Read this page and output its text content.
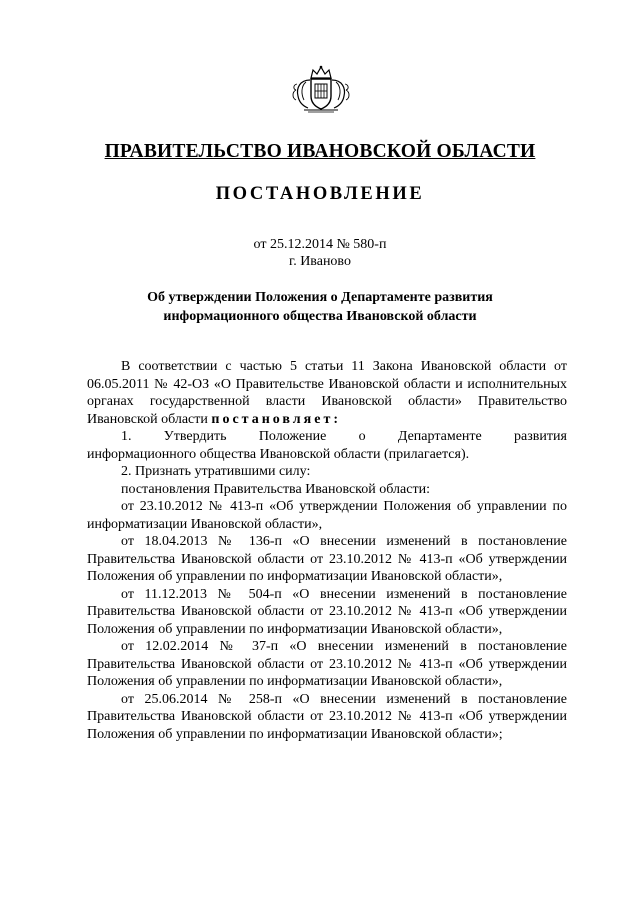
ПРАВИТЕЛЬСТВО ИВАНОВСКОЙ ОБЛАСТИ
ПОСТАНОВЛЕНИЕ
от 25.12.2014 № 580-п
г. Иваново
Об утверждении Положения о Департаменте развития
информационного общества Ивановской области

В соответствии с частью 5 статьи 11 Закона Ивановской области от 06.05.2011 № 42-ОЗ «О Правительстве Ивановской области и исполнительных органах государственной власти Ивановской области» Правительство Ивановской области постановляет:

1. Утвердить Положение о Департаменте развития

информационного общества Ивановской области (прилагается).

2. Признать утратившими силу:

постановления Правительства Ивановской области:

от 23.10.2012 № 413-п «Об утверждении Положения об управлении по информатизации Ивановской области»,

от 18.04.2013 № 136-п «О внесении изменений в постановление Правительства Ивановской области от 23.10.2012 № 413-п «Об утверждении Положения об управлении по информатизации Ивановской области»,

от 11.12.2013 № 504-п «О внесении изменений в постановление Правительства Ивановской области от 23.10.2012 № 413-п «Об утверждении Положения об управлении по информатизации Ивановской области»,

от 12.02.2014 № 37-п «О внесении изменений в постановление Правительства Ивановской области от 23.10.2012 № 413-п «Об утверждении Положения об управлении по информатизации Ивановской области»,

от 25.06.2014 № 258-п «О внесении изменений в постановление Правительства Ивановской области от 23.10.2012 № 413-п «Об утверждении Положения об управлении по информатизации Ивановской области»;
